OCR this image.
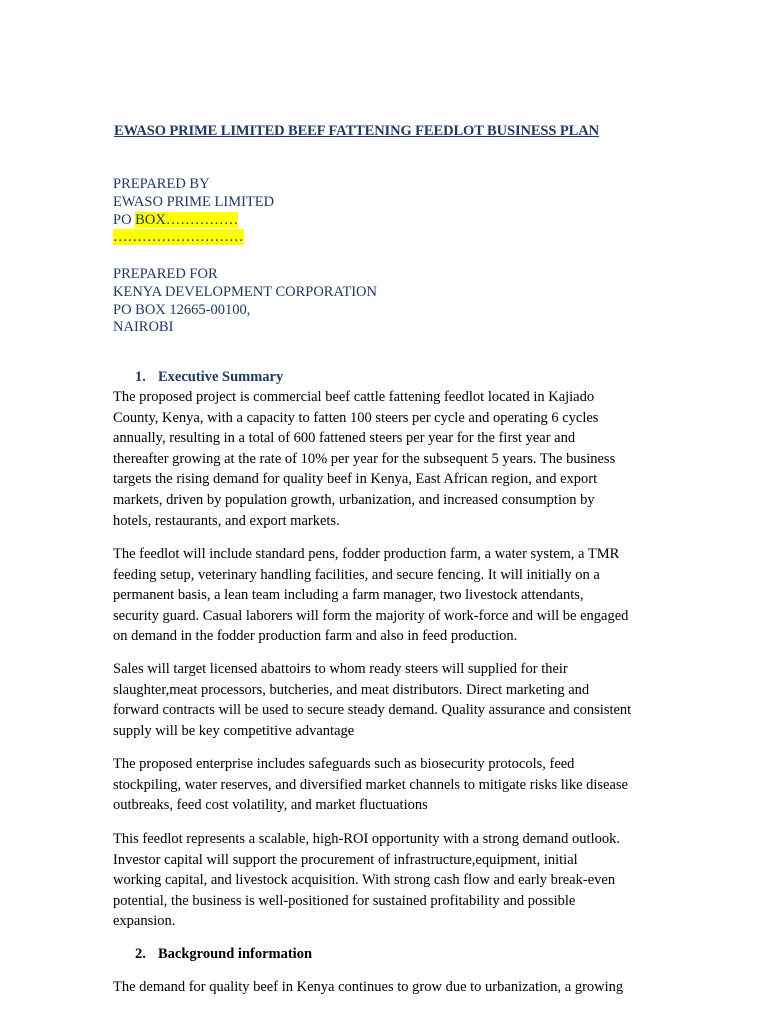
EWASO PRIME LIMITED BEEF FATTENING FEEDLOT BUSINESS PLAN
PREPARED BY
EWASO PRIME LIMITED
PO BOX……………
………………………
PREPARED FOR
KENYA DEVELOPMENT CORPORATION
PO BOX 12665-00100,
NAIROBI
1. Executive Summary
The proposed project is commercial beef cattle fattening feedlot located in Kajiado
County, Kenya, with a capacity to fatten 100 steers per cycle and operating 6 cycles
annually, resulting in a total of 600 fattened steers per year for the first year and
thereafter growing at the rate of 10% per year for the subsequent 5 years. The business
targets the rising demand for quality beef in Kenya, East African region, and export
markets, driven by population growth, urbanization, and increased consumption by
hotels, restaurants, and export markets.
The feedlot will include standard pens, fodder production farm, a water system, a TMR
feeding setup, veterinary handling facilities, and secure fencing. It will initially on a
permanent basis, a lean team including a farm manager, two livestock attendants,
security guard. Casual laborers will form the majority of work-force and will be engaged
on demand in the fodder production farm and also in feed production.
Sales will target licensed abattoirs to whom ready steers will supplied for their
slaughter,meat processors, butcheries, and meat distributors. Direct marketing and
forward contracts will be used to secure steady demand. Quality assurance and consistent
supply will be key competitive advantage
The proposed enterprise includes safeguards such as biosecurity protocols, feed
stockpiling, water reserves, and diversified market channels to mitigate risks like disease
outbreaks, feed cost volatility, and market fluctuations
This feedlot represents a scalable, high-ROI opportunity with a strong demand outlook.
Investor capital will support the procurement of infrastructure,equipment, initial
working capital, and livestock acquisition. With strong cash flow and early break-even
potential, the business is well-positioned for sustained profitability and possible
expansion.
2. Background information
The demand for quality beef in Kenya continues to grow due to urbanization, a growing
